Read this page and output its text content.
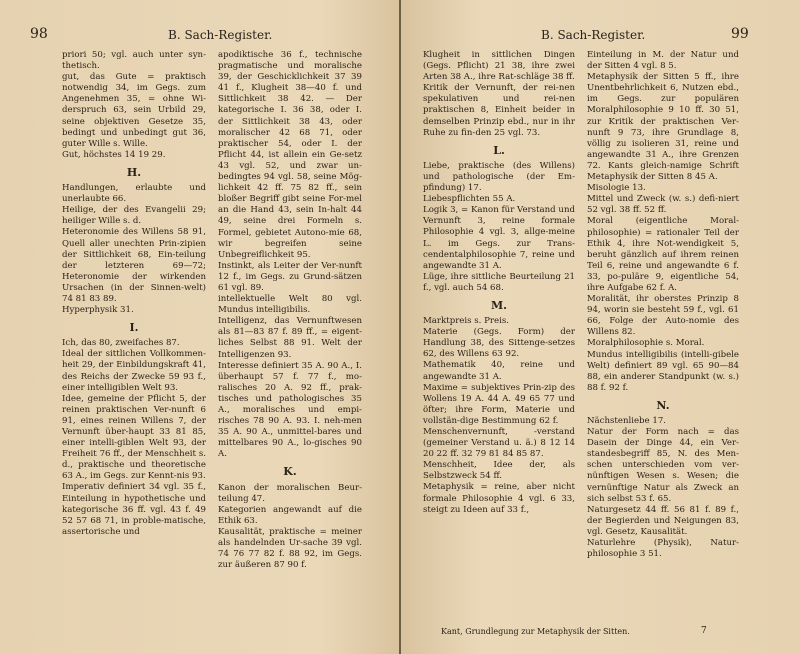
98	B. Sach-Register.
priori 50; vgl. auch unter syn-thetisch.
gut, das Gute = praktisch notwendig 34, im Gegs. zum Angenehmen 35, = ohne Wi-derspruch 63, sein Urbild 29, seine objektiven Gesetze 35, bedingt und unbedingt gut 36, guter Wille s. Wille.
Gut, höchstes 14 19 29.
H.
Handlungen, erlaubte und unerlaubte 66.
Heilige, der des Evangelii 29; heiliger Wille s. d.
Heteronomie des Willens 58 91, Quell aller unechten Prin-zipien der Sittlichkeit 68, Ein-teilung der letzteren 69—72; Heteronomie der wirkenden Ursachen (in der Sinnen-welt) 74 81 83 89.
Hyperphysik 31.
I.
Ich, das 80, zweifaches 87.
Ideal der sittlichen Vollkommen-heit 29, der Einbildungskraft 41, des Reichs der Zwecke 59 93 f., einer intelligiblen Welt 93.
Idee, gemeine der Pflicht 5, der reinen praktischen Ver-nunft 6 91, eines reinen Willens 7, der Vernunft über-haupt 33 81 85, einer intelli-giblen Welt 93, der Freiheit 76 ff., der Menschheit s. d., praktische und theoretische 63 A., im Gegs. zur Kennt-nis 93.
Imperativ definiert 34 vgl. 35 f., Einteilung in hypothetische und kategorische 36 ff. vgl. 43 f. 49 52 57 68 71, in proble-matische, assertorische und
apodiktische 36 f., technische pragmatische und moralische 39, der Geschicklichkeit 37 39 41 f., Klugheit 38—40 f. und Sittlichkeit 38 42. — Der kategorische I. 36 38, oder I. der Sittlichkeit 38 43, oder moralischer 42 68 71, oder praktischer 54, oder I. der Pflicht 44, ist allein ein Ge-setz 43 vgl. 52, und zwar un-bedingtes 94 vgl. 58, seine Mög-lichkeit 42 ff. 75 82 ff., sein bloßer Begriff gibt seine For-mel an die Hand 43, sein In-halt 44 49, seine drei Formeln s. Formel, gebietet Autono-mie 68, wir begreifen seine Unbegreiflichkeit 95.
Instinkt, als Leiter der Ver-nunft 12 f., im Gegs. zu Grund-sätzen 61 vgl. 89.
intellektuelle Welt 80 vgl. Mundus intelligibilis.
Intelligenz, das Vernunftwesen als 81—83 87 f. 89 ff., = eigent-liches Selbst 88 91. Welt der Intelligenzen 93.
Interesse definiert 35 A. 90 A., I. überhaupt 57 f. 77 f., mo-ralisches 20 A. 92 ff., prak-tisches und pathologisches 35 A., moralisches und empi-risches 78 90 A. 93. I. neh-men 35 A. 90 A., unmittel-bares und mittelbares 90 A., lo-gisches 90 A.
K.
Kanon der moralischen Beur-teilung 47.
Kategorien angewandt auf die Ethik 63.
Kausalität, praktische = meiner als handelnden Ur-sache 39 vgl. 74 76 77 82 f. 88 92, im Gegs. zur äußeren 87 90 f.
B. Sach-Register.	99
Klugheit in sittlichen Dingen (Gegs. Pflicht) 21 38, ihre zwei Arten 38 A., ihre Rat-schläge 38 ff.
Kritik der Vernunft, der rei-nen spekulativen und rei-nen praktischen 8, Einheit beider in demselben Prinzip ebd., nur in ihr Ruhe zu fin-den 25 vgl. 73.
L.
Liebe, praktische (des Willens) und pathologische (der Em-pfindung) 17.
Liebespflichten 55 A.
Logik 3, = Kanon für Verstand und Vernunft 3, reine formale Philosophie 4 vgl. 3, allge-meine L. im Gegs. zur Trans-cendentalphilosophie 7, reine und angewandte 31 A.
Lüge, ihre sittliche Beurteilung 21 f., vgl. auch 54 68.
M.
Marktpreis s. Preis.
Materie (Gegs. Form) der Handlung 38, des Sittenge-setzes 62, des Willens 63 92.
Mathematik 40, reine und angewandte 31 A.
Maxime = subjektives Prin-zip des Wollens 19 A. 44 A. 49 65 77 und öfter; ihre Form, Materie und vollstän-dige Bestimmung 62 f.
Menschenvernunft, -verstand (gemeiner Verstand u. ä.) 8 12 14 20 22 ff. 32 79 81 84 85 87.
Menschheit, Idee der, als Selbstzweck 54 ff.
Metaphysik = reine, aber nicht formale Philosophie 4 vgl. 6 33, steigt zu Ideen auf 33 f.,
Einteilung in M. der Natur und der Sitten 4 vgl. 8 5.
Metaphysik der Sitten 5 ff., ihre Unentbehrlichkeit 6, Nutzen ebd., im Gegs. zur populären Moralphilosophie 9 10 ff. 30 51, zur Kritik der praktischen Ver-nunft 9 73, ihre Grundlage 8, völlig zu isolieren 31, reine und angewandte 31 A., ihre Grenzen 72. Kants gleich-namige Schrift Metaphysik der Sitten 8 45 A.
Misologie 13.
Mittel und Zweck (w. s.) defi-niert 52 vgl. 38 ff. 52 ff.
Moral (eigentliche Moral-philosophie) = rationaler Teil der Ethik 4, ihre Not-wendigkeit 5, beruht gänzlich auf ihrem reinen Teil 6, reine und angewandte 6 f. 33, po-puläre 9, eigentliche 54, ihre Aufgabe 62 f. A.
Moralität, ihr oberstes Prinzip 8 94, worin sie besteht 59 f., vgl. 61 66, Folge der Auto-nomie des Willens 82.
Moralphilosophie s. Moral.
Mundus intelligibilis (intelli-gibele Welt) definiert 89 vgl. 65 90—84 88, ein anderer Standpunkt (w. s.) 88 f. 92 f.
N.
Nächstenliebe 17.
Natur der Form nach = das Dasein der Dinge 44, ein Ver-standesbegriff 85, N. des Men-schen unterschieden vom ver-nünftigen Wesen s. Wesen; die vernünftige Natur als Zweck an sich selbst 53 f. 65.
Naturgesetz 44 ff. 56 81 f. 89 f., der Begierden und Neigungen 83, vgl. Gesetz, Kausalität.
Naturlehre (Physik), Natur-philosophie 3 51.
Kant, Grundlegung zur Metaphysik der Sitten.	7
